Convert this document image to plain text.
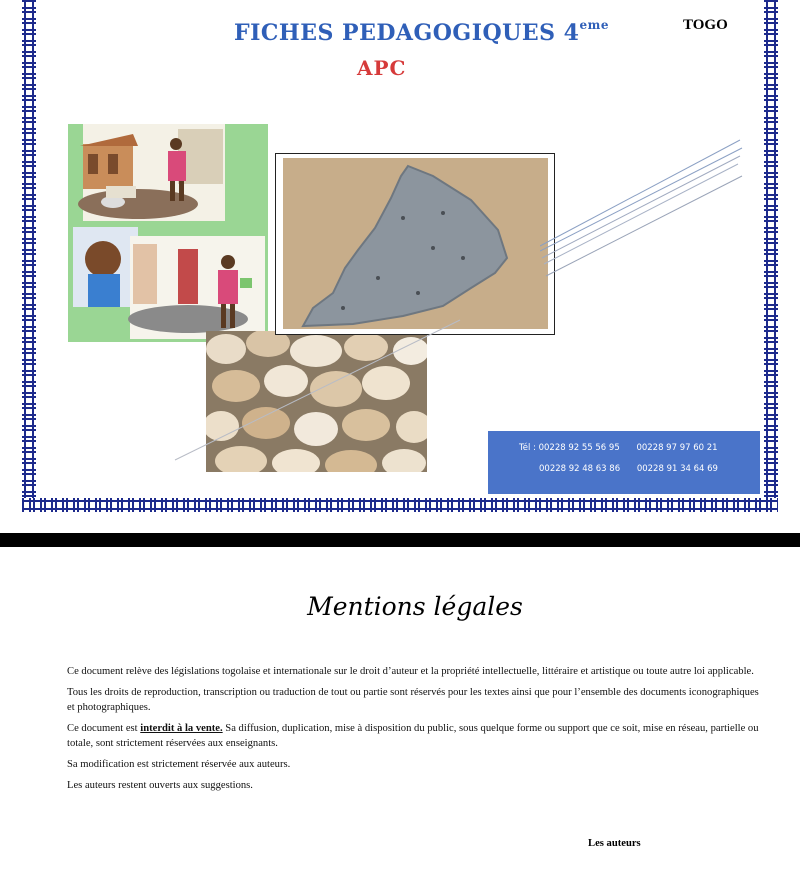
FICHES PEDAGOGIQUES 4eme
APC
TOGO
Tél : 00228 92 55 56 95 00228 97 97 60 21
00228 92 48 63 86 00228 91 34 64 69
Mentions légales

Ce document relève des législations togolaise et internationale sur le droit d’auteur et la propriété intellectuelle, littéraire et artistique ou toute autre loi applicable.

Tous les droits de reproduction, transcription ou traduction de tout ou partie sont réservés pour les textes ainsi que pour l’ensemble des documents iconographiques et photographiques.

Ce document est interdit à la vente. Sa diffusion, duplication, mise à disposition du public, sous quelque forme ou support que ce soit, mise en réseau, partielle ou totale, sont strictement réservées aux enseignants.

Sa modification est strictement réservée aux auteurs.

Les auteurs restent ouverts aux suggestions.

Les auteurs
